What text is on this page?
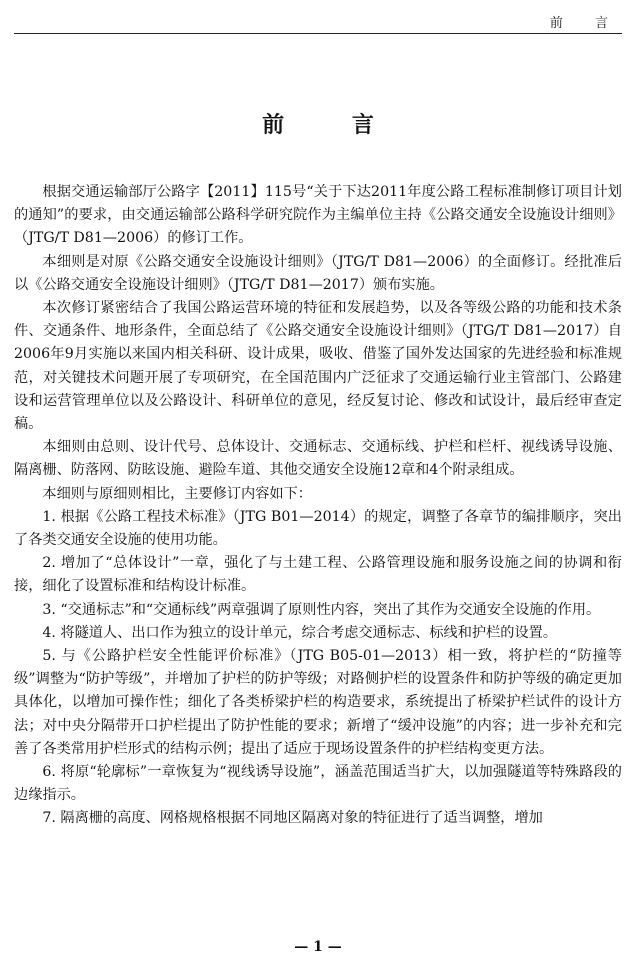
前 言
前 言

根据交通运输部厅公路字【2011】115号“关于下达2011年度公路工程标准制修订项目计划的通知”的要求，由交通运输部公路科学研究院作为主编单位主持《公路交通安全设施设计细则》（JTG/T D81—2006）的修订工作。

本细则是对原《公路交通安全设施设计细则》（JTG/T D81—2006）的全面修订。经批准后以《公路交通安全设施设计细则》（JTG/T D81—2017）颁布实施。

本次修订紧密结合了我国公路运营环境的特征和发展趋势，以及各等级公路的功能和技术条件、交通条件、地形条件，全面总结了《公路交通安全设施设计细则》（JTG/T D81—2017）自2006年9月实施以来国内相关科研、设计成果，吸收、借鉴了国外发达国家的先进经验和标准规范，对关键技术问题开展了专项研究，在全国范围内广泛征求了交通运输行业主管部门、公路建设和运营管理单位以及公路设计、科研单位的意见，经反复讨论、修改和试设计，最后经审查定稿。

本细则由总则、设计代号、总体设计、交通标志、交通标线、护栏和栏杆、视线诱导设施、隔离栅、防落网、防眩设施、避险车道、其他交通安全设施12章和4个附录组成。

本细则与原细则相比，主要修订内容如下：

1. 根据《公路工程技术标准》（JTG B01—2014）的规定，调整了各章节的编排顺序，突出了各类交通安全设施的使用功能。

2. 增加了“总体设计”一章，强化了与土建工程、公路管理设施和服务设施之间的协调和衔接，细化了设置标准和结构设计标准。

3. “交通标志”和“交通标线”两章强调了原则性内容，突出了其作为交通安全设施的作用。

4. 将隧道人、出口作为独立的设计单元，综合考虑交通标志、标线和护栏的设置。

5. 与《公路护栏安全性能评价标准》（JTG B05-01—2013）相一致，将护栏的“防撞等级”调整为“防护等级”，并增加了护栏的防护等级；对路侧护栏的设置条件和防护等级的确定更加具体化，以增加可操作性；细化了各类桥梁护栏的构造要求，系统提出了桥梁护栏试件的设计方法；对中央分隔带开口护栏提出了防护性能的要求；新增了“缓冲设施”的内容；进一步补充和完善了各类常用护栏形式的结构示例；提出了适应于现场设置条件的护栏结构变更方法。

6. 将原“轮廓标”一章恢复为“视线诱导设施”，涵盖范围适当扩大，以加强隧道等特殊路段的边缘指示。

7. 隔离栅的高度、网格规格根据不同地区隔离对象的特征进行了适当调整，增加

— 1 —
